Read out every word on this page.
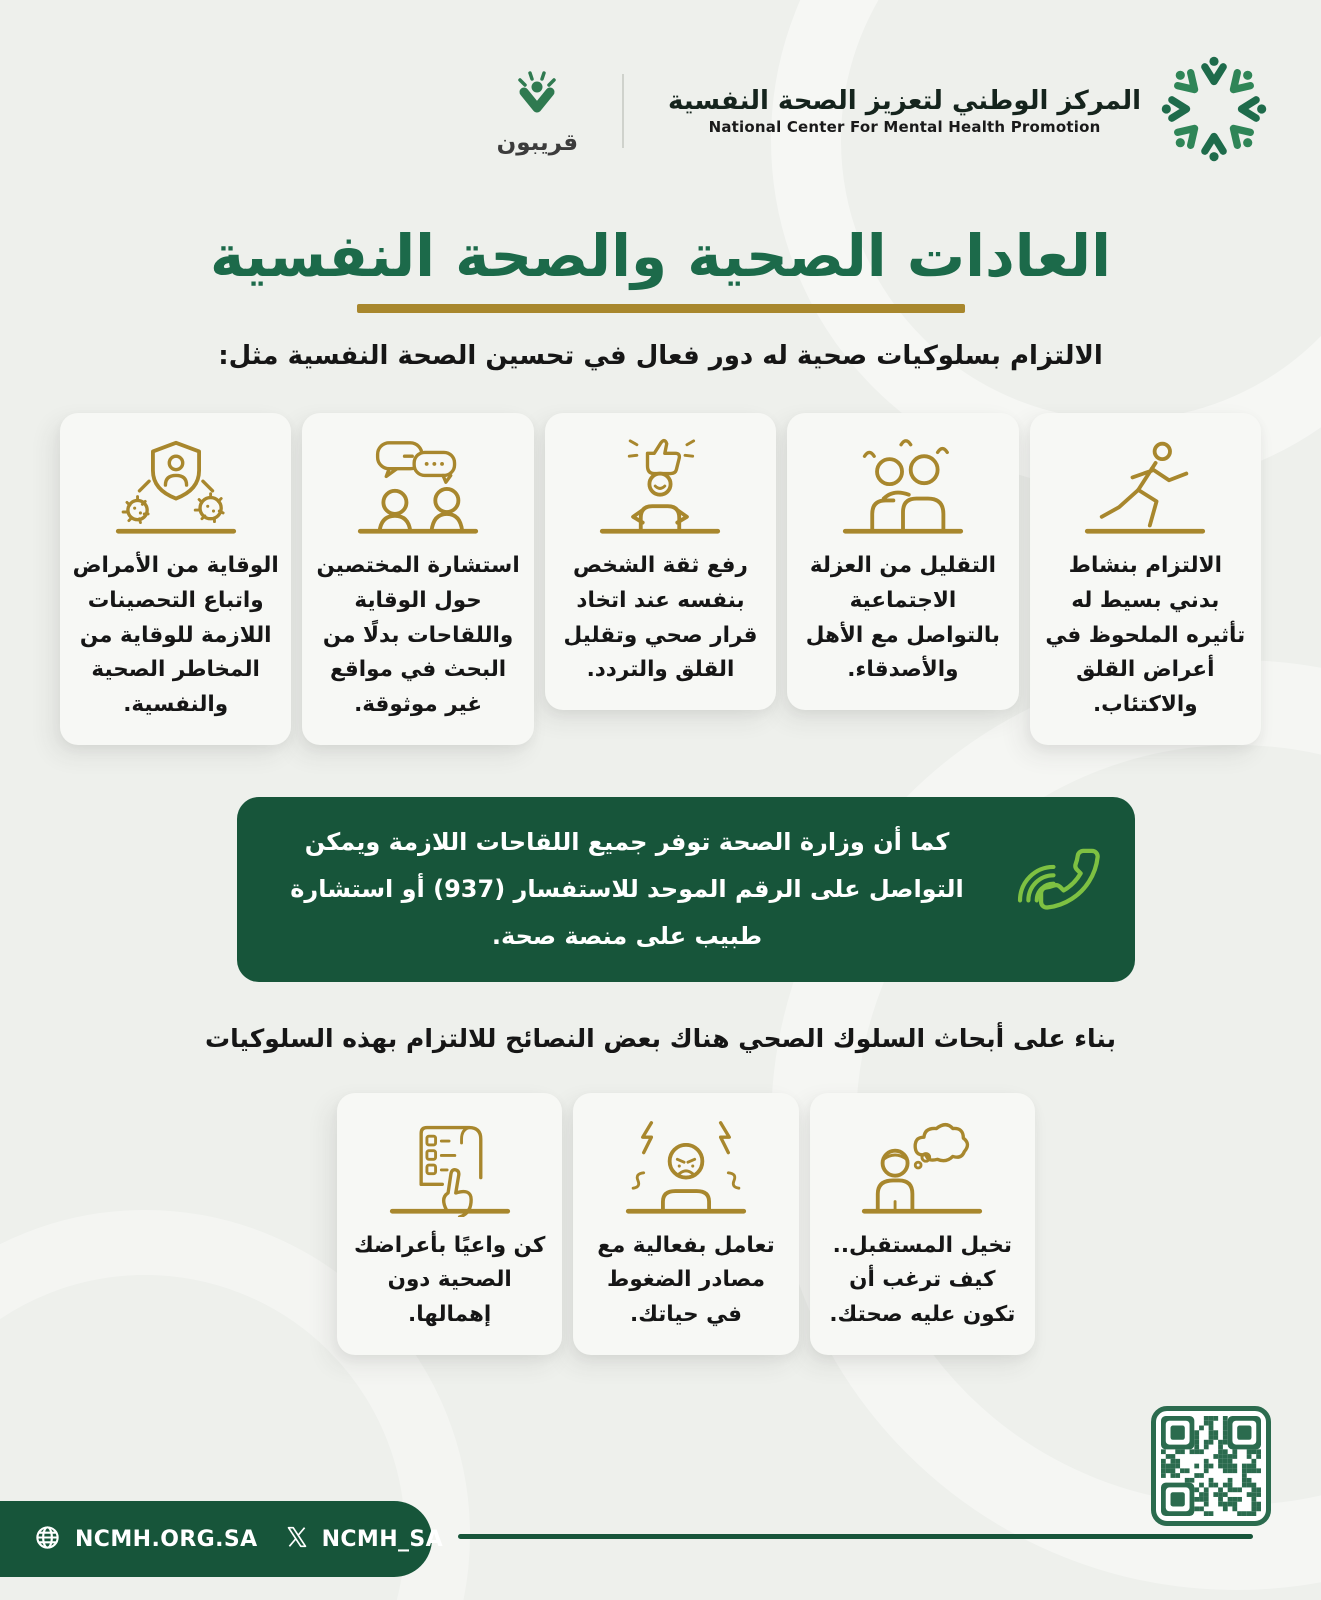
المركز الوطني لتعزيز الصحة النفسية
National Center For Mental Health Promotion
قريبون
العادات الصحية والصحة النفسية
الالتزام بسلوكيات صحية له دور فعال في تحسين الصحة النفسية مثل:
الالتزام بنشاط بدني بسيط له تأثيره الملحوظ في أعراض القلق والاكتئاب.
التقليل من العزلة الاجتماعية بالتواصل مع الأهل والأصدقاء.
رفع ثقة الشخص بنفسه عند اتخاد قرار صحي وتقليل القلق والتردد.
استشارة المختصين حول الوقاية واللقاحات بدلًا من البحث في مواقع غير موثوقة.
الوقاية من الأمراض واتباع التحصينات اللازمة للوقاية من المخاطر الصحية والنفسية.
كما أن وزارة الصحة توفر جميع اللقاحات اللازمة ويمكن التواصل على الرقم الموحد للاستفسار (937) أو استشارة طبيب على منصة صحة.
بناء على أبحاث السلوك الصحي هناك بعض النصائح للالتزام بهذه السلوكيات
تخيل المستقبل.. كيف ترغب أن تكون عليه صحتك.
تعامل بفعالية مع مصادر الضغوط في حياتك.
كن واعيًا بأعراضك الصحية دون إهمالها.
NCMH.ORG.SA	NCMH_SA
